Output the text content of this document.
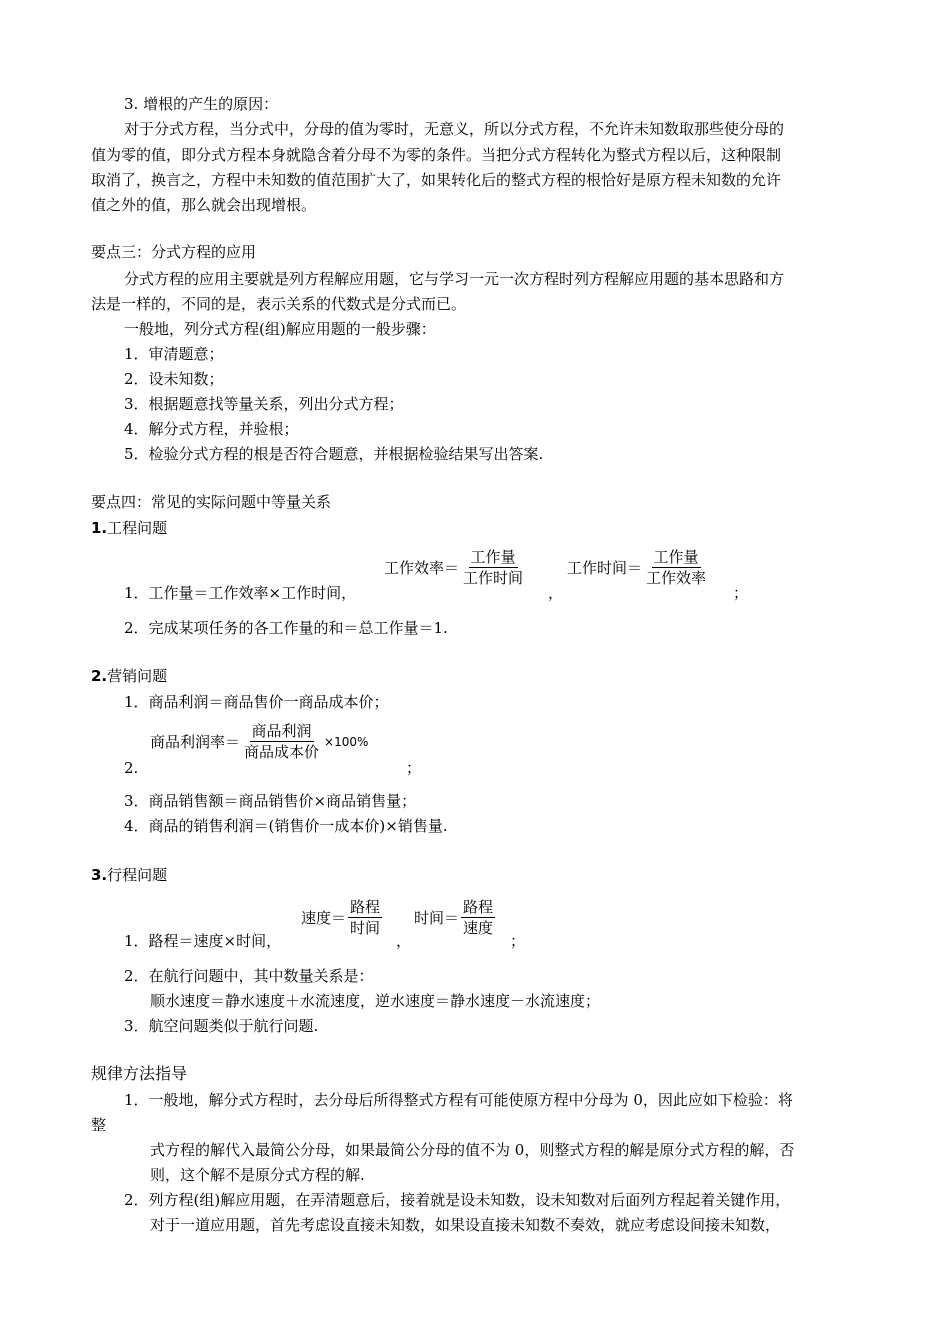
3. 增根的产生的原因：
对于分式方程，当分式中，分母的值为零时，无意义，所以分式方程，不允许未知数取那些使分母的
值为零的值，即分式方程本身就隐含着分母不为零的条件。当把分式方程转化为整式方程以后，这种限制
取消了，换言之，方程中未知数的值范围扩大了，如果转化后的整式方程的根恰好是原方程未知数的允许
值之外的值，那么就会出现增根。
要点三：分式方程的应用
分式方程的应用主要就是列方程解应用题，它与学习一元一次方程时列方程解应用题的基本思路和方
法是一样的，不同的是，表示关系的代数式是分式而已。
一般地，列分式方程(组)解应用题的一般步骤：
1．审清题意；
2．设未知数；
3．根据题意找等量关系，列出分式方程；
4．解分式方程，并验根；
5．检验分式方程的根是否符合题意，并根据检验结果写出答案.
要点四：常见的实际问题中等量关系
1.工程问题
1．工作量＝工作效率×工作时间，
工作效率＝ $\frac{\text{工作量}}{\text{工作时间}}$
，
工作时间＝ $\frac{\text{工作量}}{\text{工作效率}}$
；
2．完成某项任务的各工作量的和＝总工作量＝1.
2.营销问题
1．商品利润＝商品售价一商品成本价；
商品利润率＝ $\frac{\text{商品利润}}{\text{商品成本价}} \times 100\%$
2.	；
3．商品销售额＝商品销售价×商品销售量；
4．商品的销售利润＝(销售价一成本价)×销售量.
3.行程问题
1．路程＝速度×时间，
速度＝ $\frac{\text{路程}}{\text{时间}}$
，
时间＝ $\frac{\text{路程}}{\text{速度}}$
；
2．在航行问题中，其中数量关系是：
顺水速度＝静水速度＋水流速度，逆水速度＝静水速度－水流速度；
3．航空问题类似于航行问题.
规律方法指导
1．一般地，解分式方程时，去分母后所得整式方程有可能使原方程中分母为 0，因此应如下检验：将
整
式方程的解代入最简公分母，如果最简公分母的值不为 0，则整式方程的解是原分式方程的解，否
则，这个解不是原分式方程的解.
2．列方程(组)解应用题，在弄清题意后，接着就是设未知数，设未知数对后面列方程起着关键作用，
对于一道应用题，首先考虑设直接未知数，如果设直接未知数不奏效，就应考虑设间接未知数，
